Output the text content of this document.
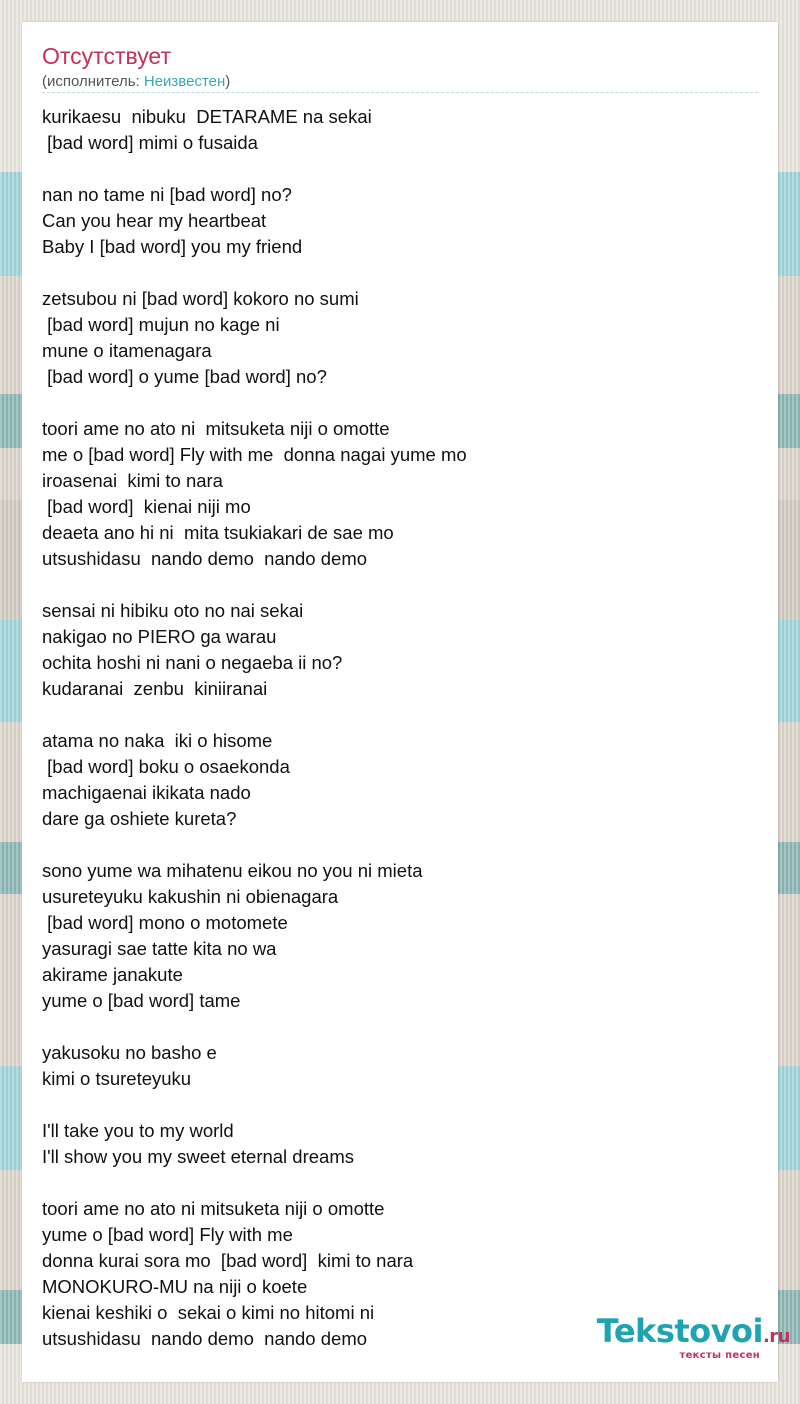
Отсутствует
(исполнитель: Неизвестен)
kurikaesu  nibuku  DETARAME na sekai
[bad word] mimi o fusaida
nan no tame ni [bad word] no?
Can you hear my heartbeat
Baby I [bad word] you my friend
zetsubou ni [bad word] kokoro no sumi
[bad word] mujun no kage ni
mune o itamenagara
[bad word] o yume [bad word] no?
toori ame no ato ni  mitsuketa niji o omotte
me o [bad word] Fly with me  donna nagai yume mo
iroasenai  kimi to nara
[bad word]  kienai niji mo
deaeta ano hi ni  mita tsukiakari de sae mo
utsushidasu  nando demo  nando demo
sensai ni hibiku oto no nai sekai
nakigao no PIERO ga warau
ochita hoshi ni nani o negaeba ii no?
kudaranai  zenbu  kiniiranai
atama no naka  iki o hisome
[bad word] boku o osaekonda
machigaenai ikikata nado
dare ga oshiete kureta?
sono yume wa mihatenu eikou no you ni mieta
usureteyuku kakushin ni obienagara
[bad word] mono o motomete
yasuragi sae tatte kita no wa
akirame janakute
yume o [bad word] tame
yakusoku no basho e
kimi o tsureteyuku
I'll take you to my world
I'll show you my sweet eternal dreams
toori ame no ato ni mitsuketa niji o omotte
yume o [bad word] Fly with me
donna kurai sora mo  [bad word]  kimi to nara
MONOKURO-MU na niji o koete
kienai keshiki o  sekai o kimi no hitomi ni
utsushidasu  nando demo  nando demo	Tekstovoi.ru
тексты песен
